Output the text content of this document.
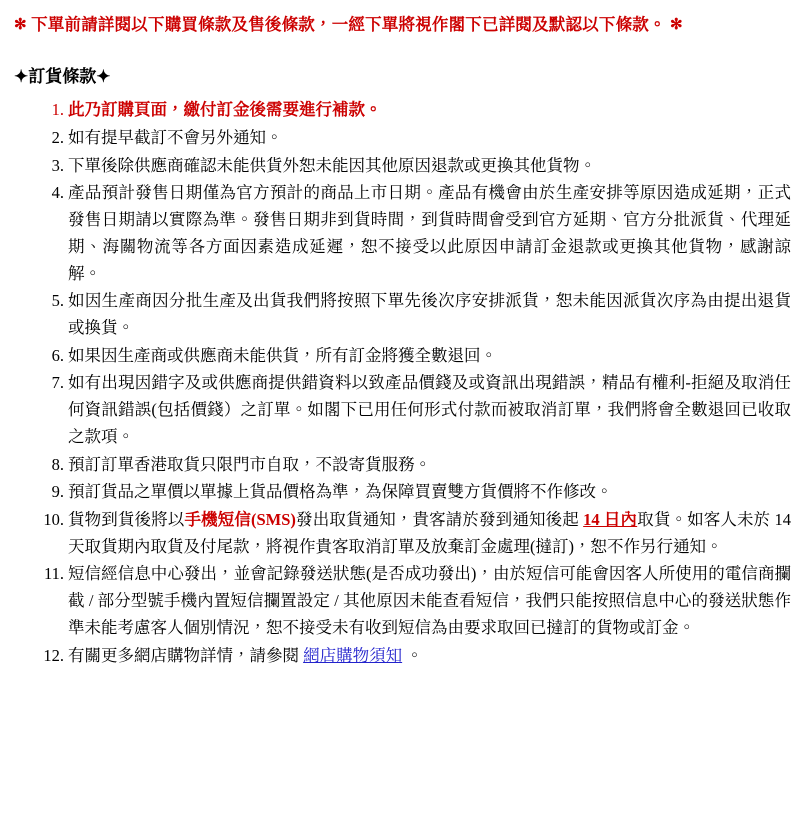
✻ 下單前請詳閱以下購買條款及售後條款，一經下單將視作閣下已詳閱及默認以下條款。 ✻
✦訂貨條款✦
此乃訂購頁面，繳付訂金後需要進行補款。
如有提早截訂不會另外通知。
下單後除供應商確認未能供貨外恕未能因其他原因退款或更換其他貨物。
產品預計發售日期僅為官方預計的商品上市日期。產品有機會由於生產安排等原因造成延期，正式發售日期請以實際為準。發售日期非到貨時間，到貨時間會受到官方延期、官方分批派貨、代理延期、海關物流等各方面因素造成延遲，恕不接受以此原因申請訂金退款或更換其他貨物，感謝諒解。
如因生產商因分批生產及出貨我們將按照下單先後次序安排派貨，恕未能因派貨次序為由提出退貨或換貨。
如果因生產商或供應商未能供貨，所有訂金將獲全數退回。
如有出現因錯字及或供應商提供錯資料以致產品價錢及或資訊出現錯誤，精品有權利-拒絕及取消任何資訊錯誤(包括價錢）之訂單。如閣下已用任何形式付款而被取消訂單，我們將會全數退回已收取之款項。
預訂訂單香港取貨只限門市自取，不設寄貨服務。
預訂貨品之單價以單據上貨品價格為準，為保障買賣雙方貨價將不作修改。
貨物到貨後將以手機短信(SMS)發出取貨通知，貴客請於發到通知後起 14 日內取貨。如客人未於 14 天取貨期內取貨及付尾款，將視作貴客取消訂單及放棄訂金處理(撻訂)，恕不作另行通知。
短信經信息中心發出，並會記錄發送狀態(是否成功發出)，由於短信可能會因客人所使用的電信商攔截 / 部分型號手機內置短信攔置設定 / 其他原因未能查看短信，我們只能按照信息中心的發送狀態作準未能考慮客人個別情況，恕不接受未有收到短信為由要求取回已撻訂的貨物或訂金。
有關更多網店購物詳情，請參閱 網店購物須知 。
